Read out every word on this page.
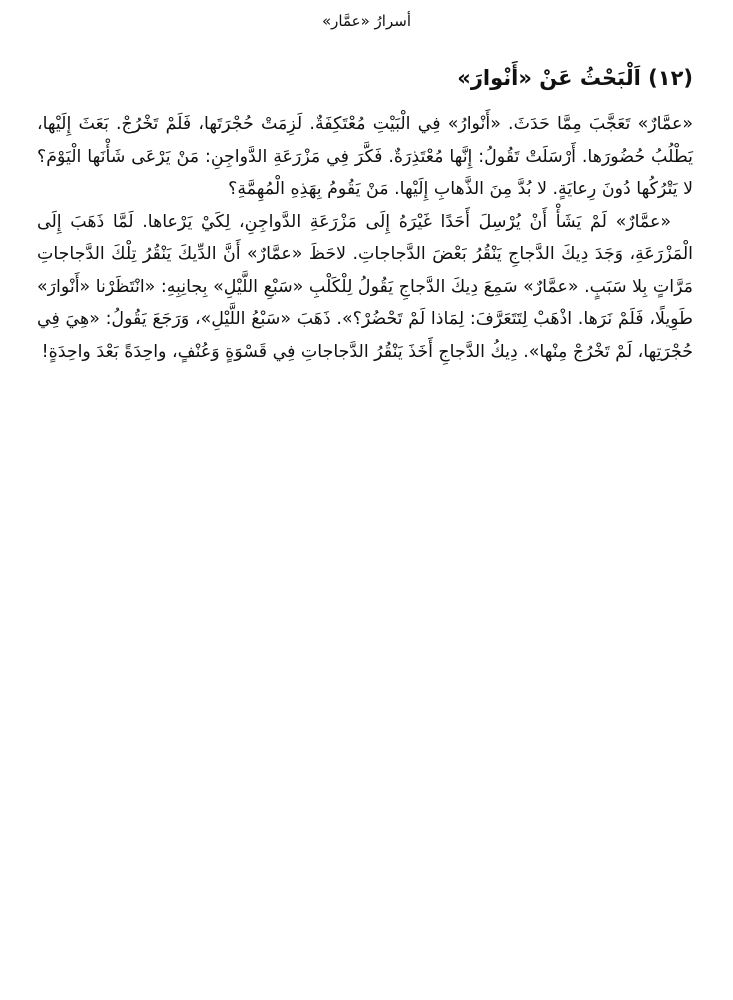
أسرارُ «عمَّار»
(١٢) اَلْبَحْثُ عَنْ «أَنْوارَ»

«عمَّارٌ» تَعَجَّبَ مِمَّا حَدَثَ. «أَنْوارُ» فِي الْبَيْتِ مُعْتَكِفَةٌ. لَزِمَتْ حُجْرَتَها، فَلَمْ تَخْرُجْ. بَعَثَ إِلَيْها، يَطْلُبُ حُضُورَها. أَرْسَلَتْ تَقُولُ: إِنَّها مُعْتَذِرَةٌ. فَكَّرَ فِي مَزْرَعَةِ الدَّواجِنِ: مَنْ يَرْعَى شَأْنَها الْيَوْمَ؟ لا يَتْرُكُها دُونَ رِعايَةٍ. لا بُدَّ مِنَ الذَّهابِ إِلَيْها. مَنْ يَقُومُ بِهَذِهِ الْمُهِمَّةِ؟

«عمَّارٌ» لَمْ يَشَأْ أَنْ يُرْسِلَ أَحَدًا غَيْرَهُ إِلَى مَزْرَعَةِ الدَّواجِنِ، لِكَيْ يَرْعاها. لَمَّا ذَهَبَ إِلَى الْمَزْرَعَةِ، وَجَدَ دِيكَ الدَّجاجِ يَنْقُرُ بَعْضَ الدَّجاجاتِ. لاحَظَ «عمَّارٌ» أَنَّ الدِّيكَ يَنْقُرُ تِلْكَ الدَّجاجاتِ مَرَّاتٍ بِلا سَبَبٍ. «عمَّارٌ» سَمِعَ دِيكَ الدَّجاجِ يَقُولُ لِلْكَلْبِ «سَبْعِ اللَّيْلِ» بِجانِبِهِ: «انْتَظَرْنا «أَنْوارَ» طَوِيلًا، فَلَمْ نَرَها. اذْهَبْ لِتَتَعَرَّفَ: لِمَاذا لَمْ تَحْضُرْ؟». ذَهَبَ «سَبْعُ اللَّيْلِ»، وَرَجَعَ يَقُولُ: «هِيَ فِي حُجْرَتِها، لَمْ تَخْرُجْ مِنْها». دِيكُ الدَّجاجِ أَخَذَ يَنْقُرُ الدَّجاجاتِ فِي قَسْوَةٍ وَعُنْفٍ، واحِدَةً بَعْدَ واحِدَةٍ!
